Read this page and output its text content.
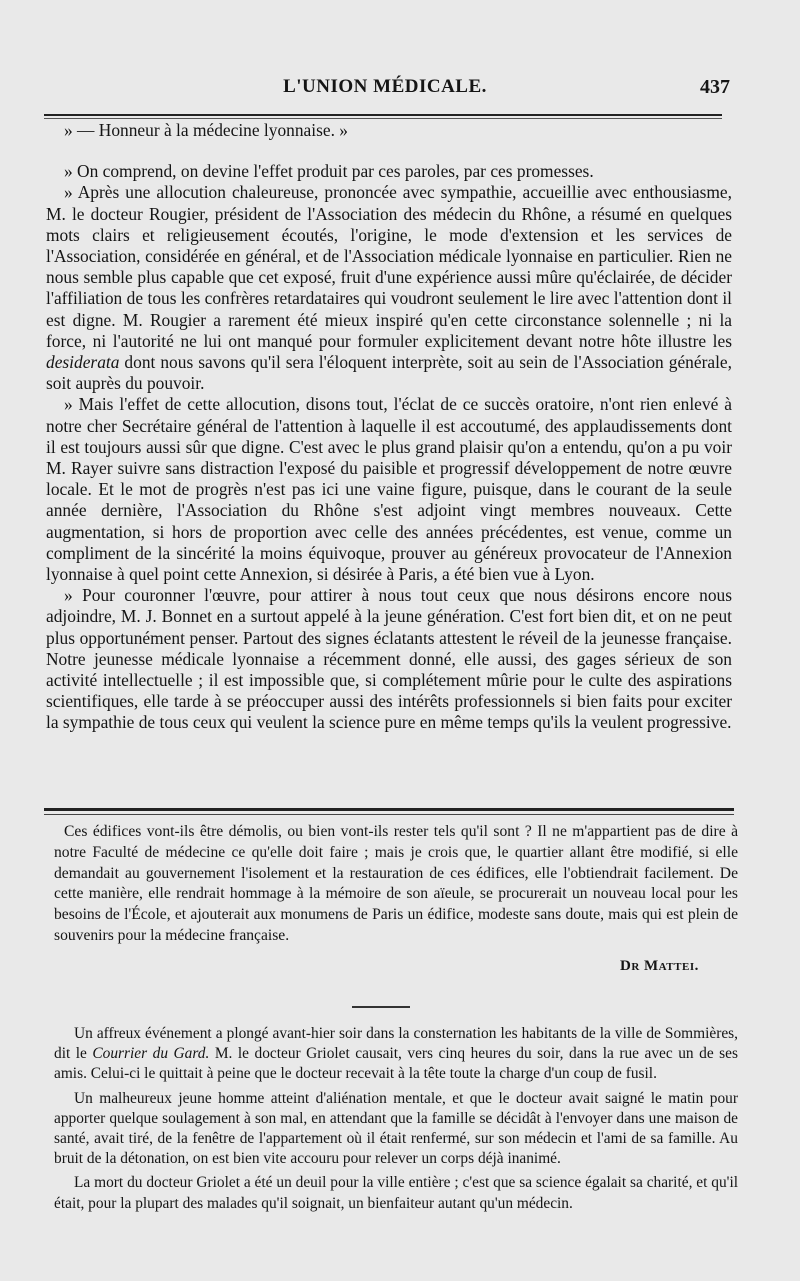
L'UNION MÉDICALE.	437

» — Honneur à la médecine lyonnaise. »

» On comprend, on devine l'effet produit par ces paroles, par ces promesses.

» Après une allocution chaleureuse, prononcée avec sympathie, accueillie avec enthousiasme, M. le docteur Rougier, président de l'Association des médecin du Rhône, a résumé en quelques mots clairs et religieusement écoutés, l'origine, le mode d'extension et les services de l'Association, considérée en général, et de l'Association médicale lyonnaise en particulier. Rien ne nous semble plus capable que cet exposé, fruit d'une expérience aussi mûre qu'éclairée, de décider l'affiliation de tous les confrères retardataires qui voudront seulement le lire avec l'attention dont il est digne. M. Rougier a rarement été mieux inspiré qu'en cette circonstance solennelle ; ni la force, ni l'autorité ne lui ont manqué pour formuler explicitement devant notre hôte illustre les desiderata dont nous savons qu'il sera l'éloquent interprète, soit au sein de l'Association générale, soit auprès du pouvoir.

» Mais l'effet de cette allocution, disons tout, l'éclat de ce succès oratoire, n'ont rien enlevé à notre cher Secrétaire général de l'attention à laquelle il est accoutumé, des applaudissements dont il est toujours aussi sûr que digne. C'est avec le plus grand plaisir qu'on a entendu, qu'on a pu voir M. Rayer suivre sans distraction l'exposé du paisible et progressif développement de notre œuvre locale. Et le mot de progrès n'est pas ici une vaine figure, puisque, dans le courant de la seule année dernière, l'Association du Rhône s'est adjoint vingt membres nouveaux. Cette augmentation, si hors de proportion avec celle des années précédentes, est venue, comme un compliment de la sincérité la moins équivoque, prouver au généreux provocateur de l'Annexion lyonnaise à quel point cette Annexion, si désirée à Paris, a été bien vue à Lyon.

» Pour couronner l'œuvre, pour attirer à nous tout ceux que nous désirons encore nous adjoindre, M. J. Bonnet en a surtout appelé à la jeune génération. C'est fort bien dit, et on ne peut plus opportunément penser. Partout des signes éclatants attestent le réveil de la jeunesse française. Notre jeunesse médicale lyonnaise a récemment donné, elle aussi, des gages sérieux de son activité intellectuelle ; il est impossible que, si complétement mûrie pour le culte des aspirations scientifiques, elle tarde à se préoccuper aussi des intérêts professionnels si bien faits pour exciter la sympathie de tous ceux qui veulent la science pure en même temps qu'ils la veulent progressive.

Ces édifices vont-ils être démolis, ou bien vont-ils rester tels qu'il sont ? Il ne m'appartient pas de dire à notre Faculté de médecine ce qu'elle doit faire ; mais je crois que, le quartier allant être modifié, si elle demandait au gouvernement l'isolement et la restauration de ces édifices, elle l'obtiendrait facilement. De cette manière, elle rendrait hommage à la mémoire de son aïeule, se procurerait un nouveau local pour les besoins de l'École, et ajouterait aux monumens de Paris un édifice, modeste sans doute, mais qui est plein de souvenirs pour la médecine française.

Dr Mattei.

Un affreux événement a plongé avant-hier soir dans la consternation les habitants de la ville de Sommières, dit le Courrier du Gard. M. le docteur Griolet causait, vers cinq heures du soir, dans la rue avec un de ses amis. Celui-ci le quittait à peine que le docteur recevait à la tête toute la charge d'un coup de fusil.

Un malheureux jeune homme atteint d'aliénation mentale, et que le docteur avait saigné le matin pour apporter quelque soulagement à son mal, en attendant que la famille se décidât à l'envoyer dans une maison de santé, avait tiré, de la fenêtre de l'appartement où il était renfermé, sur son médecin et l'ami de sa famille. Au bruit de la détonation, on est bien vite accouru pour relever un corps déjà inanimé.

La mort du docteur Griolet a été un deuil pour la ville entière ; c'est que sa science égalait sa charité, et qu'il était, pour la plupart des malades qu'il soignait, un bienfaiteur autant qu'un médecin.
